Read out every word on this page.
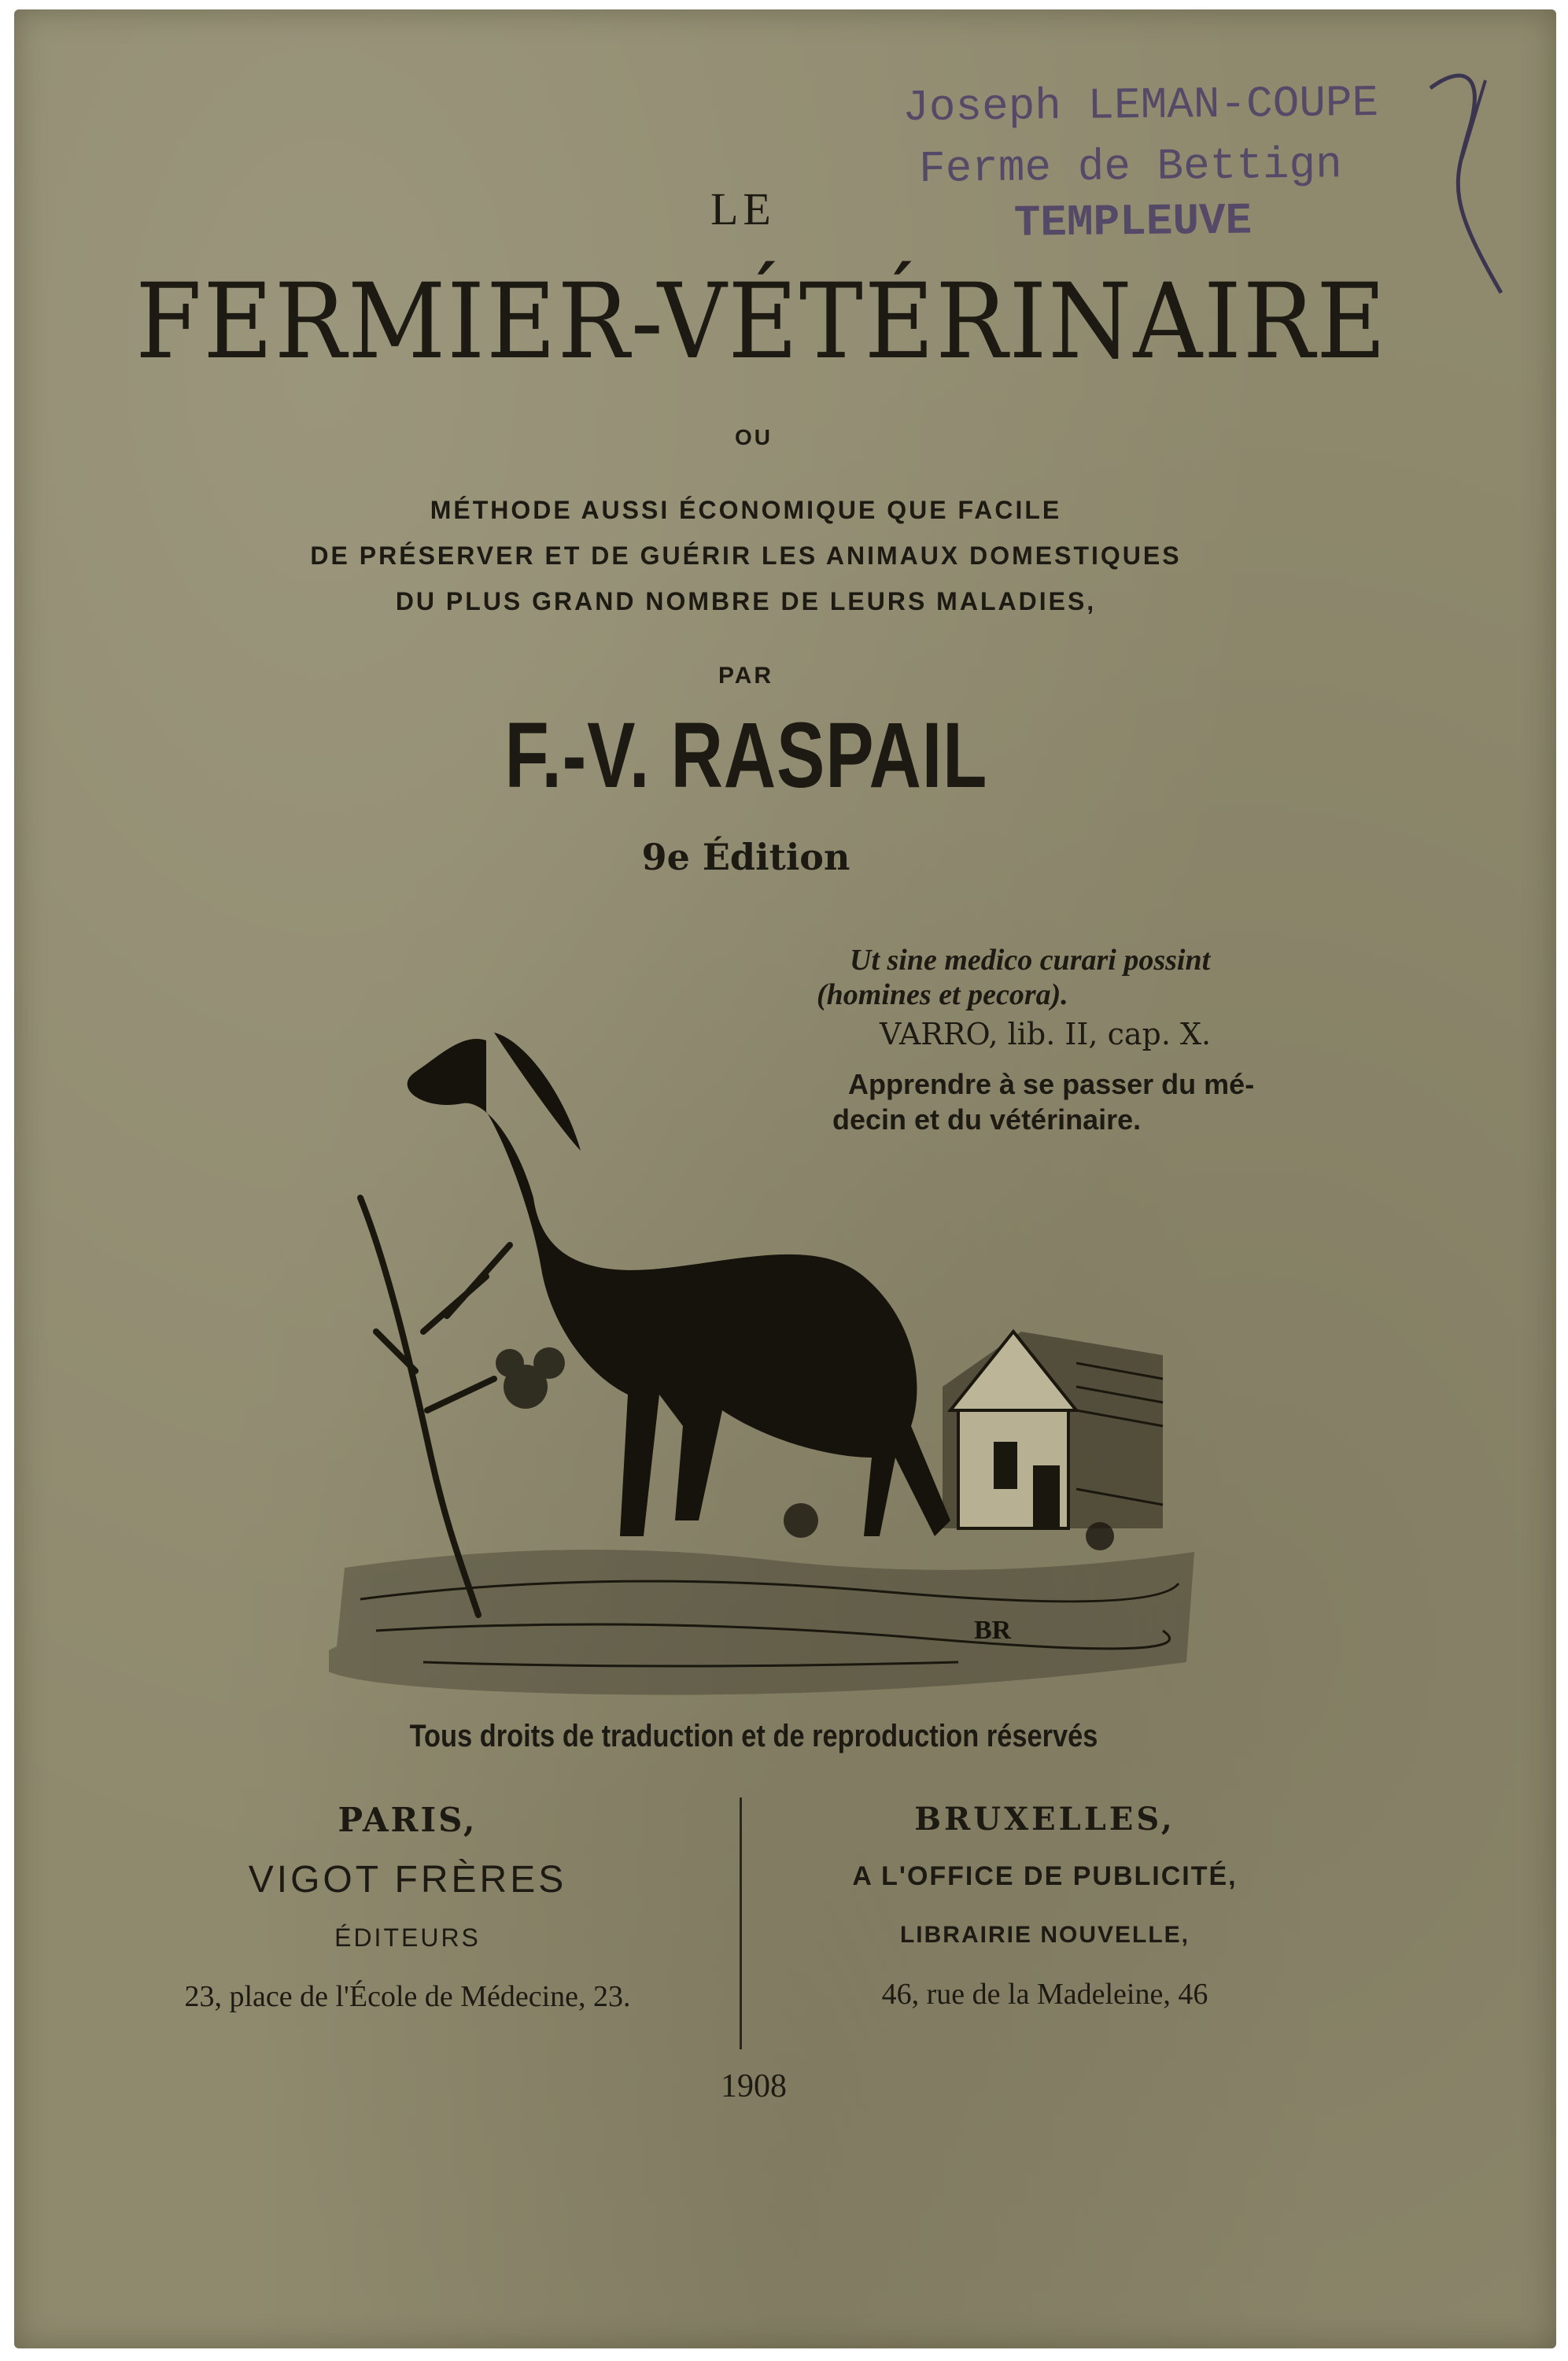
Joseph LEMAN-COUPE
Ferme de Bettign
TEMPLEUVE
LE
FERMIER-VÉTÉRINAIRE
OU
MÉTHODE AUSSI ÉCONOMIQUE QUE FACILE
DE PRÉSERVER ET DE GUÉRIR LES ANIMAUX DOMESTIQUES
DU PLUS GRAND NOMBRE DE LEURS MALADIES,
PAR
F.-V. RASPAIL
9e Édition
Ut sine medico curari possint
(homines et pecora).
VARRO, lib. II, cap. X.
Apprendre à se passer du mé-
decin et du vétérinaire.
BR
Tous droits de traduction et de reproduction réservés
PARIS,
VIGOT FRÈRES
ÉDITEURS
23, place de l'École de Médecine, 23.
BRUXELLES,
A L'OFFICE DE PUBLICITÉ,
LIBRAIRIE NOUVELLE,
46, rue de la Madeleine, 46
1908
